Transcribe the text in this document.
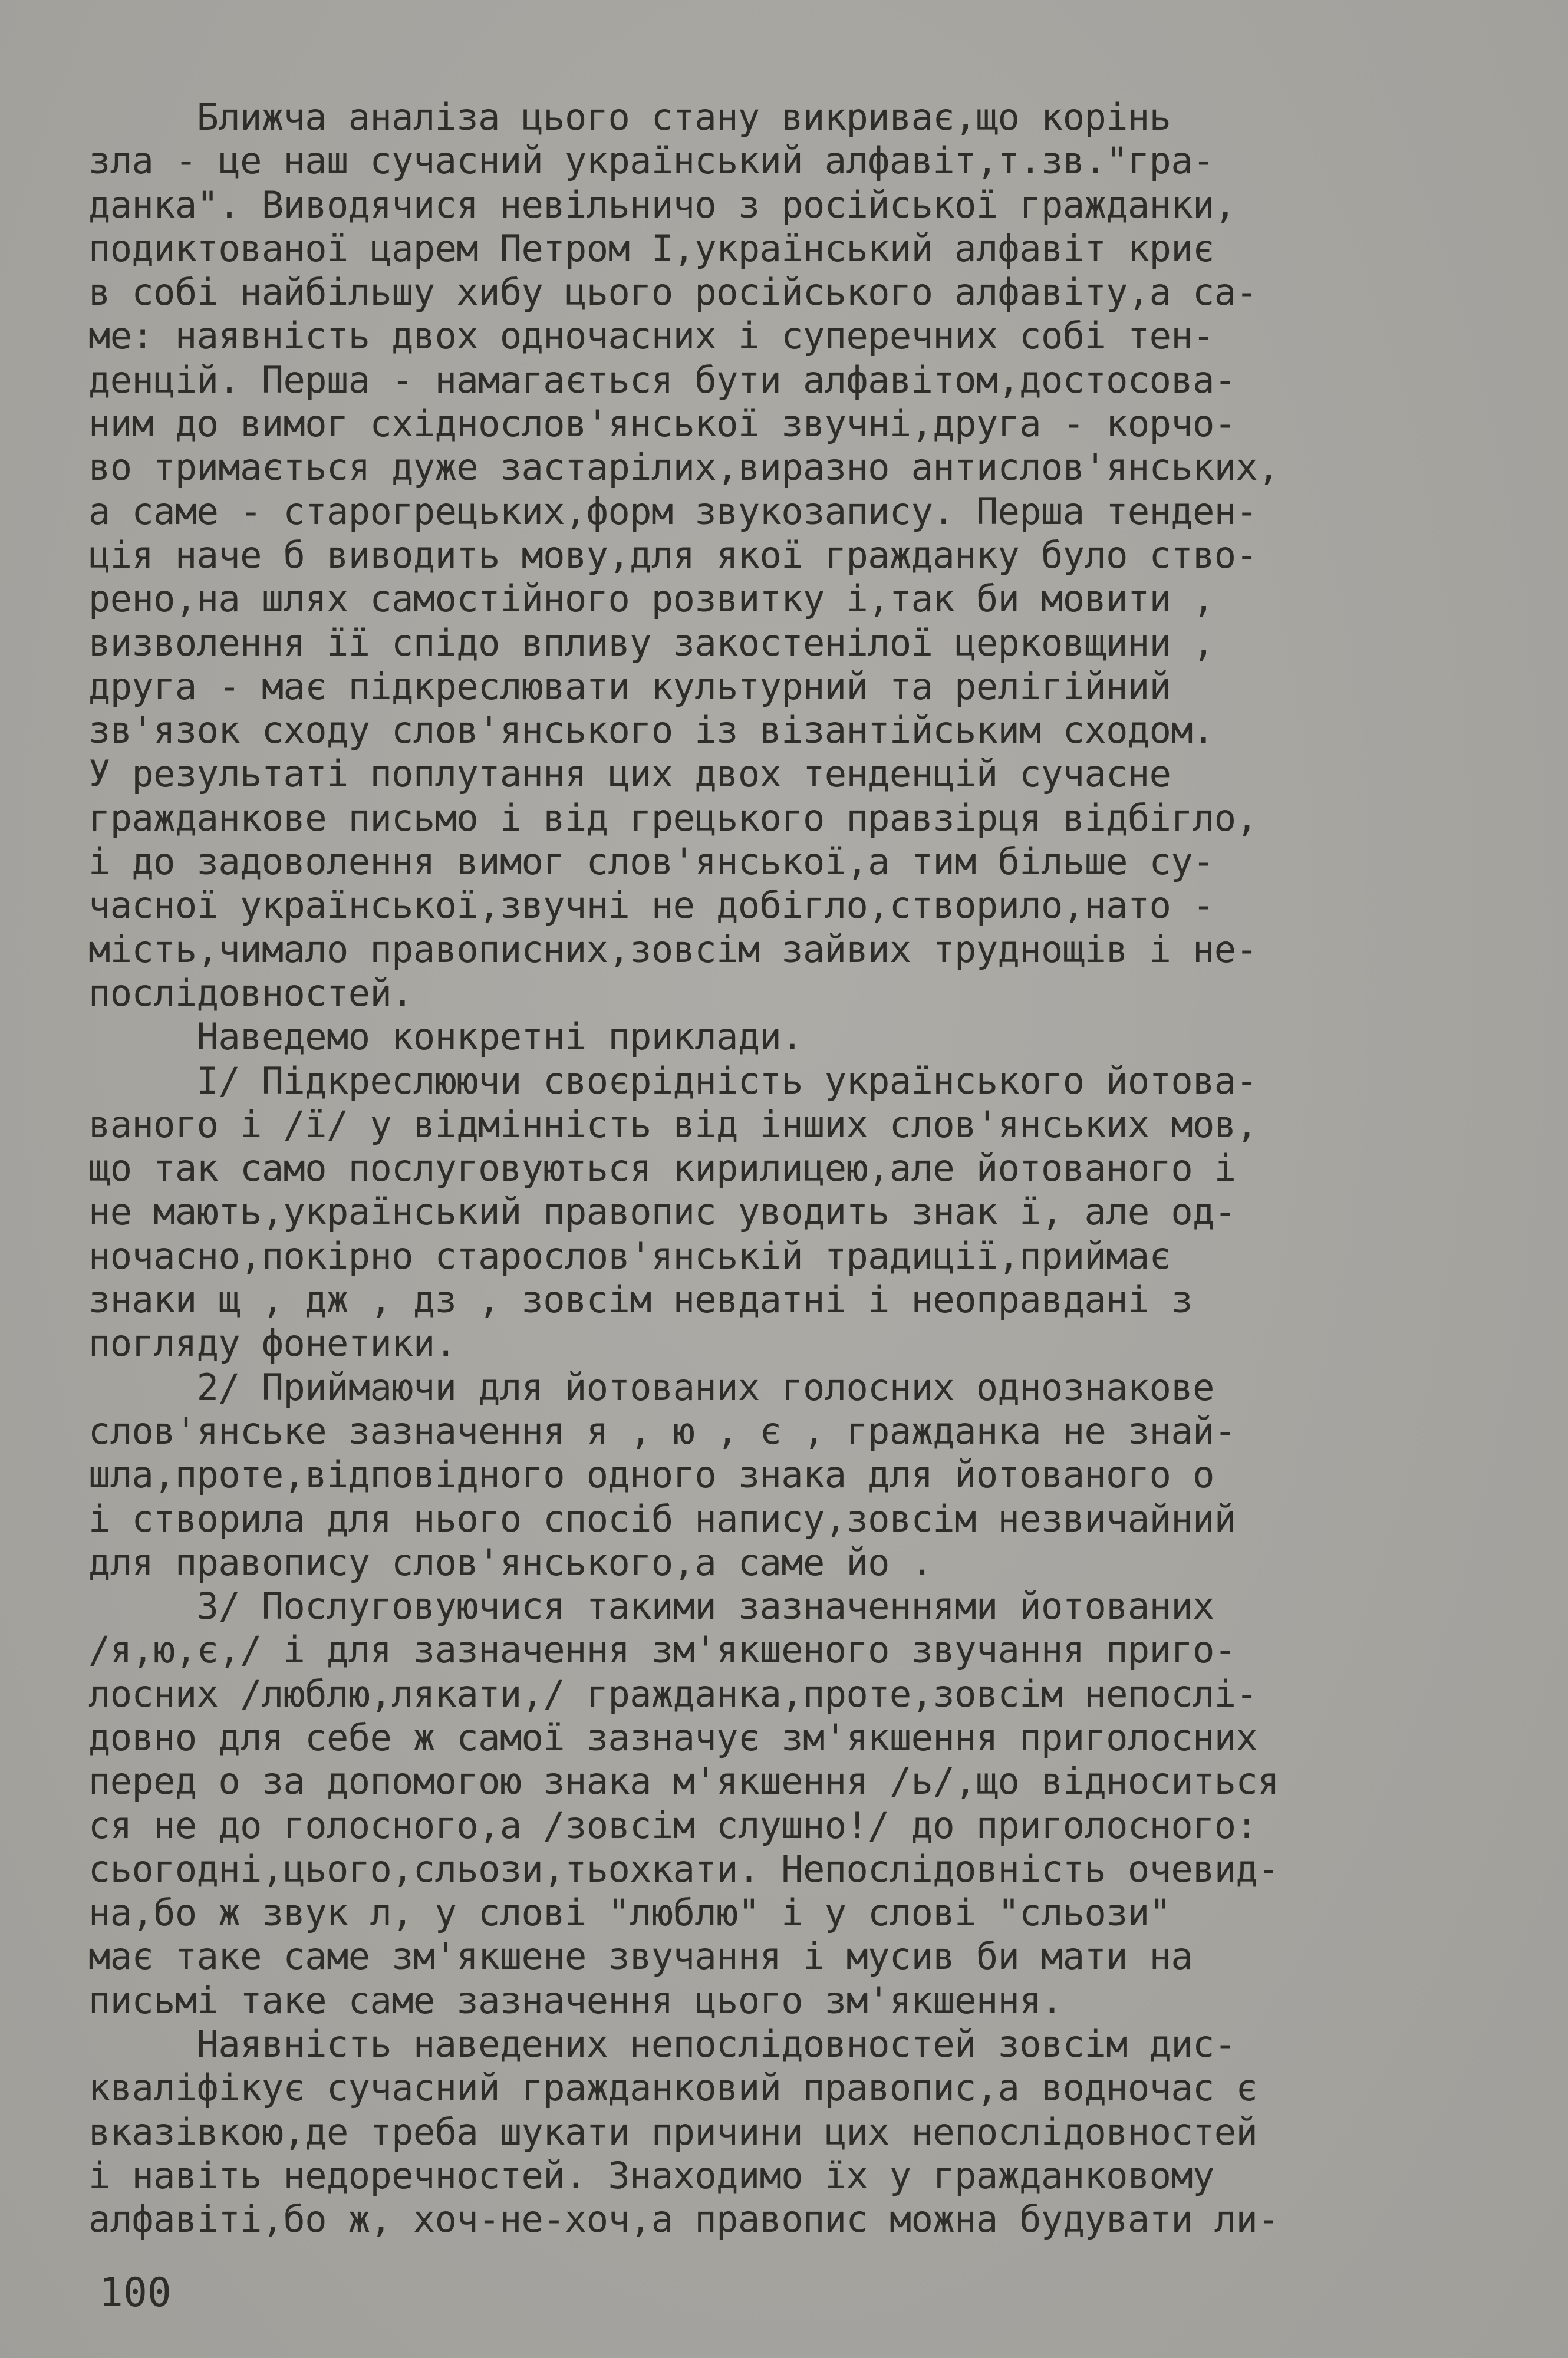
Ближча аналіза цього стану викриває,що корінь
зла - це наш сучасний український алфавіт,т.зв."гра-
данка". Виводячися невільничо з російської гражданки,
подиктованої царем Петром I,український алфавіт криє
в собі найбільшу хибу цього російського алфавіту,а са-
ме: наявність двох одночасних і суперечних собі тен-
денцій. Перша - намагається бути алфавітом,достосова-
ним до вимог східнослов'янської звучні,друга - корчо-
во тримається дуже застарілих,виразно антислов'янських,
а саме - старогрецьких,форм звукозапису. Перша тенден-
ція наче б виводить мову,для якої гражданку було ство-
рено,на шлях самостійного розвитку і,так би мовити ,
визволення її спідо впливу закостенілої церковщини ,
друга - має підкреслювати культурний та релігійний
зв'язок сходу слов'янського із візантійським сходом.
У результаті поплутання цих двох тенденцій сучасне
гражданкове письмо і від грецького правзірця відбігло,
і до задоволення вимог слов'янської,а тим більше су-
часної української,звучні не добігло,створило,нато -
мість,чимало правописних,зовсім зайвих труднощів і не-
послідовностей.
Наведемо конкретні приклади.
I/ Підкреслюючи своєрідність українського йотова-
ваного і /ї/ у відмінність від інших слов'янських мов,
що так само послуговуються кирилицею,але йотованого і
не мають,український правопис уводить знак ї, але од-
ночасно,покірно старослов'янській традиції,приймає
знаки щ , дж , дз , зовсім невдатні і неоправдані з
погляду фонетики.
2/ Приймаючи для йотованих голосних однознакове
слов'янське зазначення я , ю , є , гражданка не знай-
шла,проте,відповідного одного знака для йотованого о
і створила для нього спосіб напису,зовсім незвичайний
для правопису слов'янського,а саме йо .
3/ Послуговуючися такими зазначеннями йотованих
/я,ю,є,/ і для зазначення зм'якшеного звучання приго-
лосних /люблю,лякати,/ гражданка,проте,зовсім непослі-
довно для себе ж самої зазначує зм'якшення приголосних
перед о за допомогою знака м'якшення /ь/,що відноситься
ся не до голосного,а /зовсім слушно!/ до приголосного:
сьогодні,цього,сльози,тьохкати. Непослідовність очевид-
на,бо ж звук л, у слові "люблю" і у слові "сльози"
має таке саме зм'якшене звучання і мусив би мати на
письмі таке саме зазначення цього зм'якшення.
Наявність наведених непослідовностей зовсім дис-
кваліфікує сучасний гражданковий правопис,а водночас є
вказівкою,де треба шукати причини цих непослідовностей
і навіть недоречностей. Знаходимо їх у гражданковому
алфавіті,бо ж, хоч-не-хоч,а правопис можна будувати ли-
100
